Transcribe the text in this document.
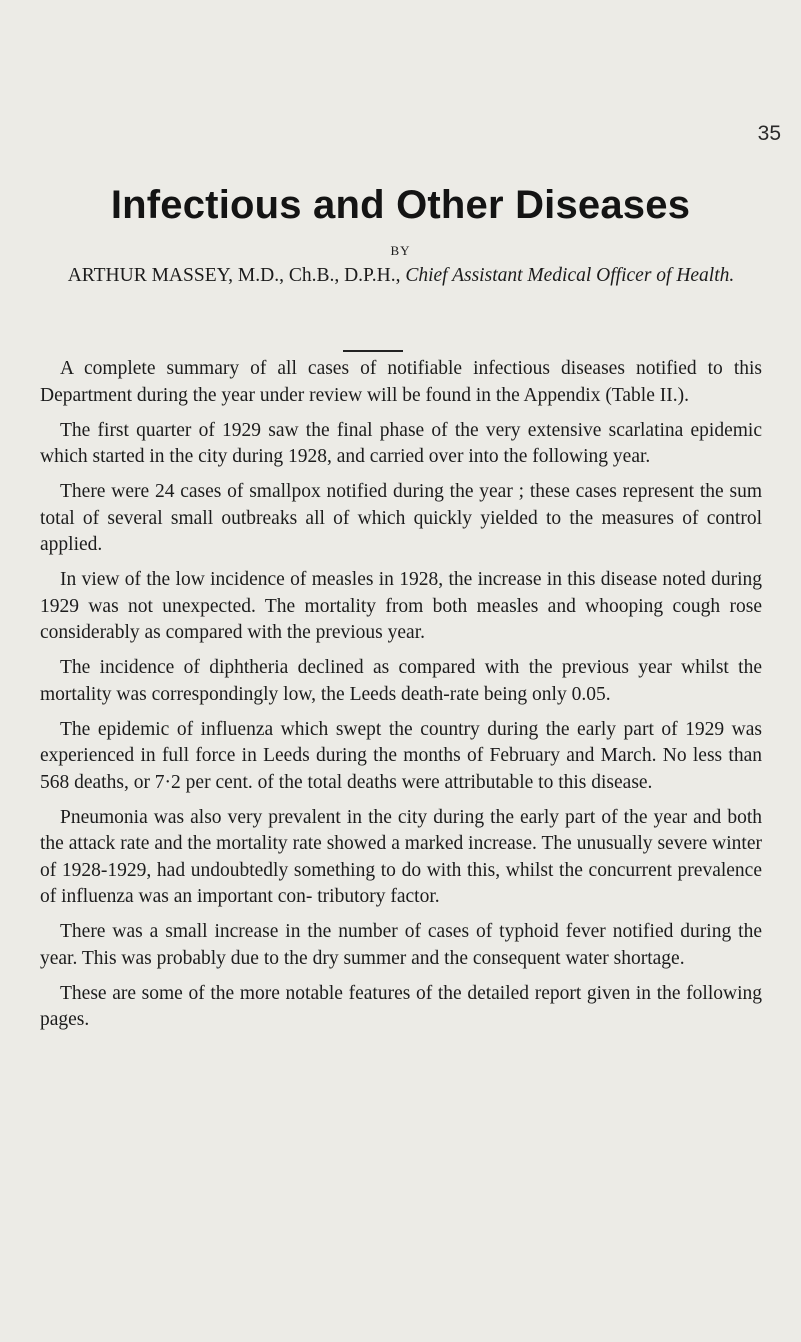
35
Infectious and Other Diseases
BY
ARTHUR MASSEY, M.D., Ch.B., D.P.H., Chief Assistant Medical Officer of Health.

A complete summary of all cases of notifiable infectious diseases notified to this Department during the year under review will be found in the Appendix (Table II.).

The first quarter of 1929 saw the final phase of the very extensive scarlatina epidemic which started in the city during 1928, and carried over into the following year.

There were 24 cases of smallpox notified during the year ; these cases represent the sum total of several small outbreaks all of which quickly yielded to the measures of control applied.

In view of the low incidence of measles in 1928, the increase in this disease noted during 1929 was not unexpected. The mortality from both measles and whooping cough rose considerably as compared with the previous year.

The incidence of diphtheria declined as compared with the previous year whilst the mortality was correspondingly low, the Leeds death-rate being only 0.05.

The epidemic of influenza which swept the country during the early part of 1929 was experienced in full force in Leeds during the months of February and March. No less than 568 deaths, or 7·2 per cent. of the total deaths were attributable to this disease.

Pneumonia was also very prevalent in the city during the early part of the year and both the attack rate and the mortality rate showed a marked increase. The unusually severe winter of 1928-1929, had undoubtedly something to do with this, whilst the concurrent prevalence of influenza was an important con- tributory factor.

There was a small increase in the number of cases of typhoid fever notified during the year. This was probably due to the dry summer and the consequent water shortage.

These are some of the more notable features of the detailed report given in the following pages.
